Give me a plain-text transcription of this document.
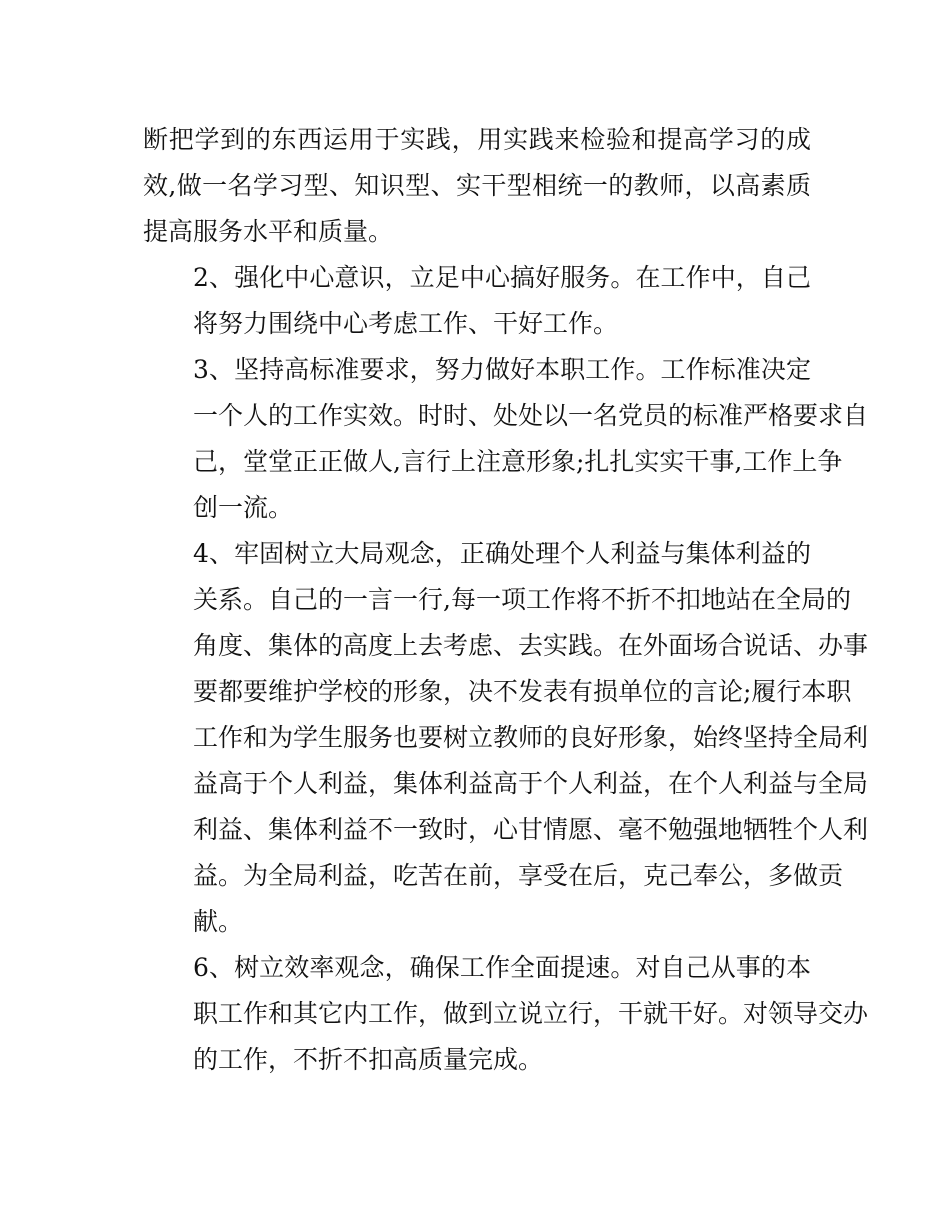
断把学到的东西运用于实践，用实践来检验和提高学习的成
效,做一名学习型、知识型、实干型相统一的教师，以高素质
提高服务水平和质量。

2、强化中心意识，立足中心搞好服务。在工作中，自己
将努力围绕中心考虑工作、干好工作。

3、坚持高标准要求，努力做好本职工作。工作标准决定
一个人的工作实效。时时、处处以一名党员的标准严格要求自
己，堂堂正正做人,言行上注意形象;扎扎实实干事,工作上争
创一流。

4、牢固树立大局观念，正确处理个人利益与集体利益的
关系。自己的一言一行,每一项工作将不折不扣地站在全局的
角度、集体的高度上去考虑、去实践。在外面场合说话、办事
要都要维护学校的形象，决不发表有损单位的言论;履行本职
工作和为学生服务也要树立教师的良好形象，始终坚持全局利
益高于个人利益，集体利益高于个人利益，在个人利益与全局
利益、集体利益不一致时，心甘情愿、毫不勉强地牺牲个人利
益。为全局利益，吃苦在前，享受在后，克己奉公，多做贡
献。

6、树立效率观念，确保工作全面提速。对自己从事的本
职工作和其它内工作，做到立说立行，干就干好。对领导交办
的工作，不折不扣高质量完成。
